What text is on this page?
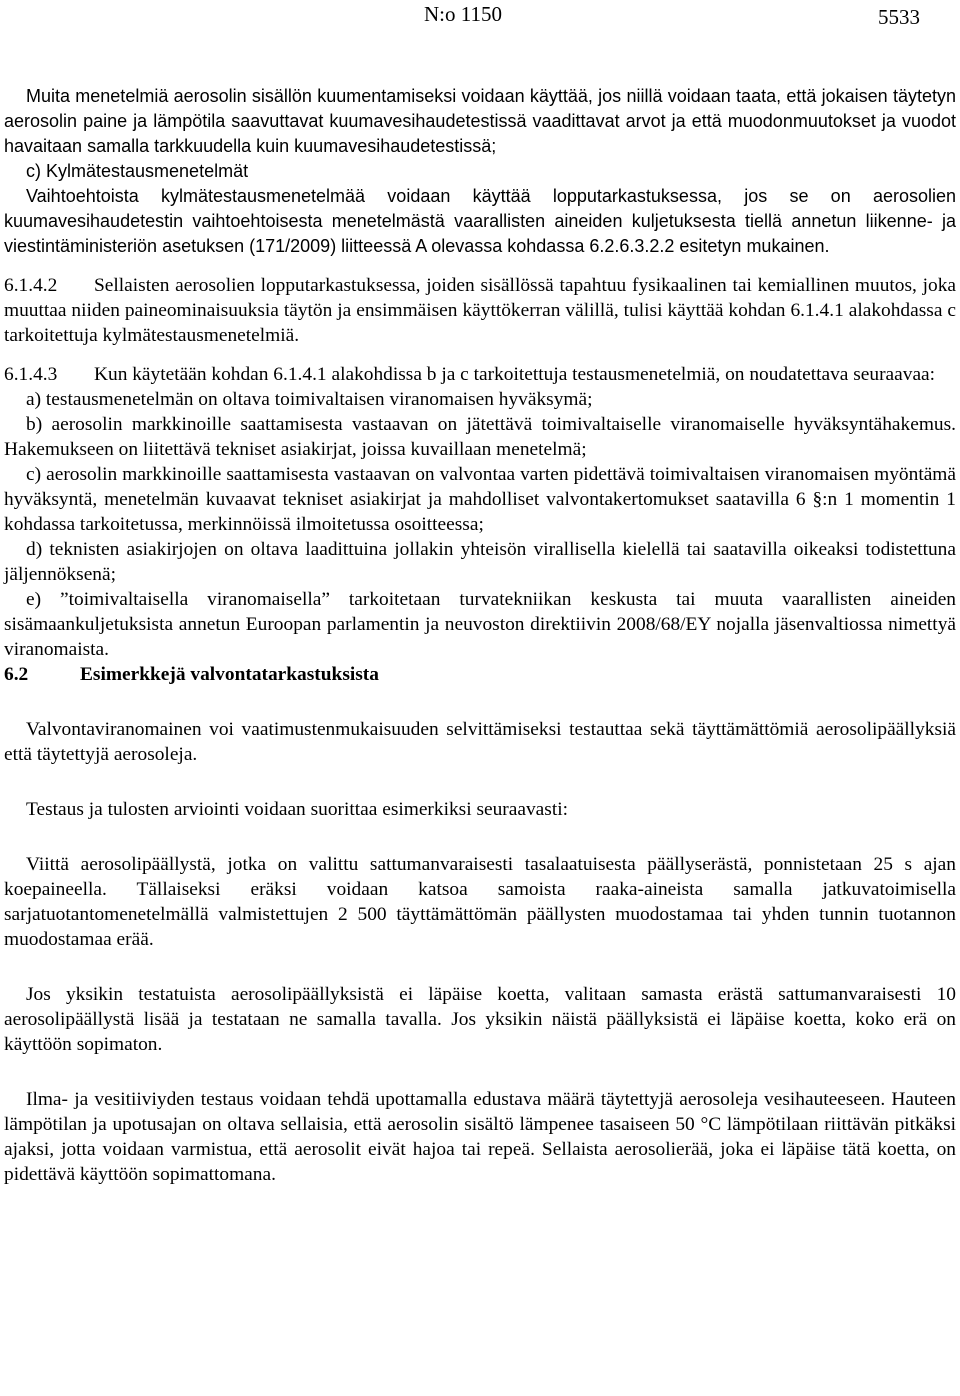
N:o 1150	5533

Muita menetelmiä aerosolin sisällön kuumentamiseksi voidaan käyttää, jos niillä voidaan taata, että jokaisen täytetyn aerosolin paine ja lämpötila saavuttavat kuumavesihaudetestissä vaadittavat arvot ja että muodonmuutokset ja vuodot havaitaan samalla tarkkuudella kuin kuumavesihaudetestissä;

c) Kylmätestausmenetelmät

Vaihtoehtoista kylmätestausmenetelmää voidaan käyttää lopputarkastuksessa, jos se on aerosolien kuumavesihaudetestin vaihtoehtoisesta menetelmästä vaarallisten aineiden kuljetuksesta tiellä annetun liikenne- ja viestintäministeriön asetuksen (171/2009) liitteessä A olevassa kohdassa 6.2.6.3.2.2 esitetyn mukainen.

6.1.4.2 Sellaisten aerosolien lopputarkastuksessa, joiden sisällössä tapahtuu fysikaalinen tai kemiallinen muutos, joka muuttaa niiden paineominaisuuksia täytön ja ensimmäisen käyttökerran välillä, tulisi käyttää kohdan 6.1.4.1 alakohdassa c tarkoitettuja kylmätestausmenetelmiä.

6.1.4.3 Kun käytetään kohdan 6.1.4.1 alakohdissa b ja c tarkoitettuja testausmenetelmiä, on noudatettava seuraavaa:

a) testausmenetelmän on oltava toimivaltaisen viranomaisen hyväksymä;

b) aerosolin markkinoille saattamisesta vastaavan on jätettävä toimivaltaiselle viranomaiselle hyväksyntähakemus. Hakemukseen on liitettävä tekniset asiakirjat, joissa kuvaillaan menetelmä;

c) aerosolin markkinoille saattamisesta vastaavan on valvontaa varten pidettävä toimivaltaisen viranomaisen myöntämä hyväksyntä, menetelmän kuvaavat tekniset asiakirjat ja mahdolliset valvontakertomukset saatavilla 6 §:n 1 momentin 1 kohdassa tarkoitetussa, merkinnöissä ilmoitetussa osoitteessa;

d) teknisten asiakirjojen on oltava laadittuina jollakin yhteisön virallisella kielellä tai saatavilla oikeaksi todistettuna jäljennöksenä;

e) ”toimivaltaisella viranomaisella” tarkoitetaan turvatekniikan keskusta tai muuta vaarallisten aineiden sisämaankuljetuksista annetun Euroopan parlamentin ja neuvoston direktiivin 2008/68/EY nojalla jäsenvaltiossa nimettyä viranomaista.

6.2	Esimerkkejä valvontatarkastuksista

Valvontaviranomainen voi vaatimustenmukaisuuden selvittämiseksi testauttaa sekä täyttämättömiä aerosolipäällyksiä että täytettyjä aerosoleja.

Testaus ja tulosten arviointi voidaan suorittaa esimerkiksi seuraavasti:

Viittä aerosolipäällystä, jotka on valittu sattumanvaraisesti tasalaatuisesta päällyserästä, ponnistetaan 25 s ajan koepaineella. Tällaiseksi eräksi voidaan katsoa samoista raaka-aineista samalla jatkuvatoimisella sarjatuotantomenetelmällä valmistettujen 2 500 täyttämättömän päällysten muodostamaa tai yhden tunnin tuotannon muodostamaa erää.

Jos yksikin testatuista aerosolipäällyksistä ei läpäise koetta, valitaan samasta erästä sattumanvaraisesti 10 aerosolipäällystä lisää ja testataan ne samalla tavalla. Jos yksikin näistä päällyksistä ei läpäise koetta, koko erä on käyttöön sopimaton.

Ilma- ja vesitiiviyden testaus voidaan tehdä upottamalla edustava määrä täytettyjä aerosoleja vesihauteeseen. Hauteen lämpötilan ja upotusajan on oltava sellaisia, että aerosolin sisältö lämpenee tasaiseen 50 °C lämpötilaan riittävän pitkäksi ajaksi, jotta voidaan varmistua, että aerosolit eivät hajoa tai repeä. Sellaista aerosolierää, joka ei läpäise tätä koetta, on pidettävä käyttöön sopimattomana.
